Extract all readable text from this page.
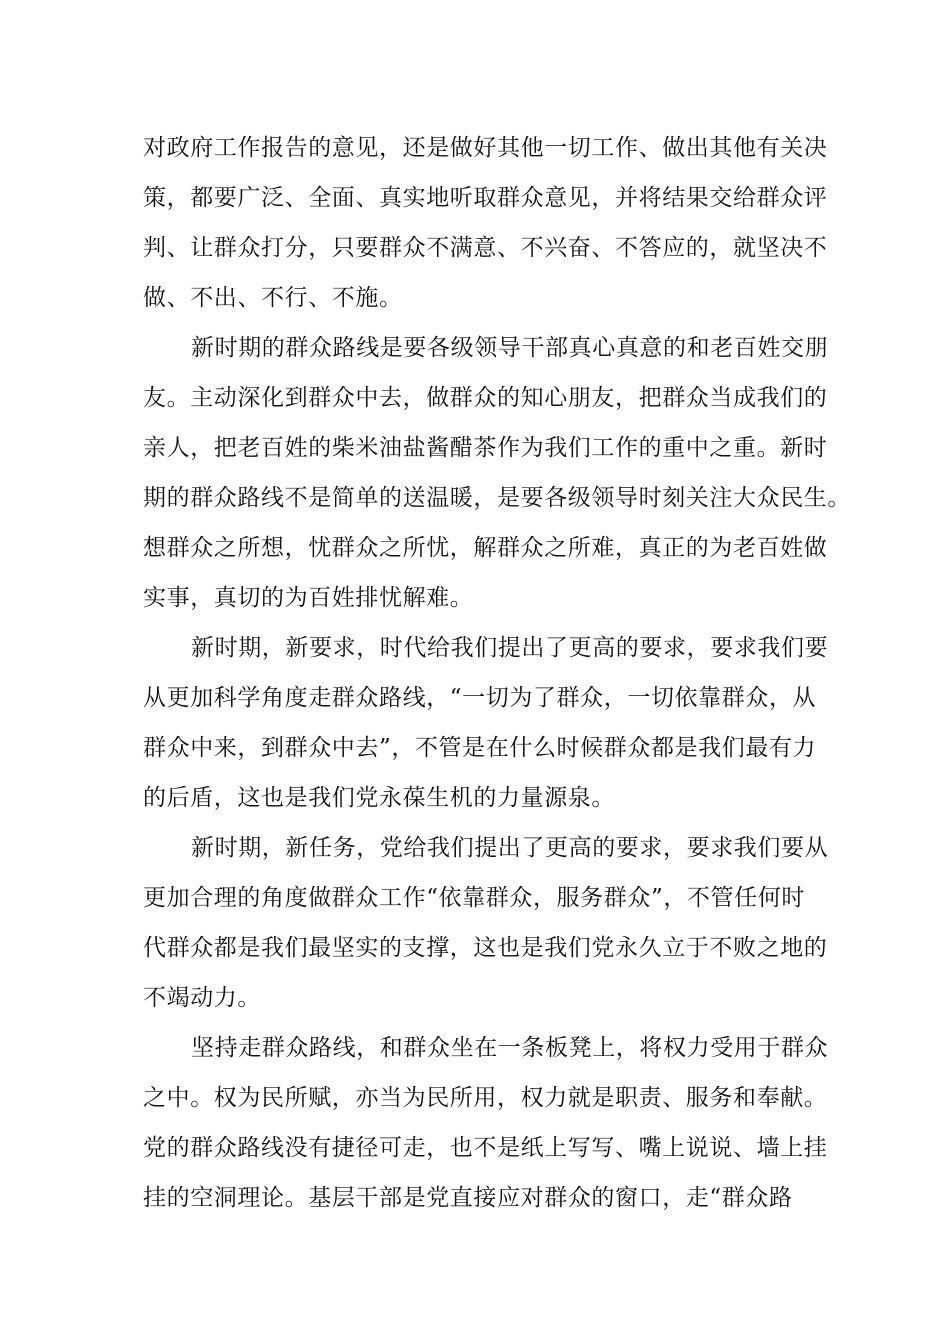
对政府工作报告的意见，还是做好其他一切工作、做出其他有关决
策，都要广泛、全面、真实地听取群众意见，并将结果交给群众评
判、让群众打分，只要群众不满意、不兴奋、不答应的，就坚决不
做、不出、不行、不施。
新时期的群众路线是要各级领导干部真心真意的和老百姓交朋
友。主动深化到群众中去，做群众的知心朋友，把群众当成我们的
亲人，把老百姓的柴米油盐酱醋茶作为我们工作的重中之重。新时
期的群众路线不是简单的送温暖，是要各级领导时刻关注大众民生。
想群众之所想，忧群众之所忧，解群众之所难，真正的为老百姓做
实事，真切的为百姓排忧解难。
新时期，新要求，时代给我们提出了更高的要求，要求我们要
从更加科学角度走群众路线，“一切为了群众，一切依靠群众，从
群众中来，到群众中去”，不管是在什么时候群众都是我们最有力
的后盾，这也是我们党永葆生机的力量源泉。
新时期，新任务，党给我们提出了更高的要求，要求我们要从
更加合理的角度做群众工作“依靠群众，服务群众”，不管任何时
代群众都是我们最坚实的支撑，这也是我们党永久立于不败之地的
不竭动力。
坚持走群众路线，和群众坐在一条板凳上，将权力受用于群众
之中。权为民所赋，亦当为民所用，权力就是职责、服务和奉献。
党的群众路线没有捷径可走，也不是纸上写写、嘴上说说、墙上挂
挂的空洞理论。基层干部是党直接应对群众的窗口，走“群众路
